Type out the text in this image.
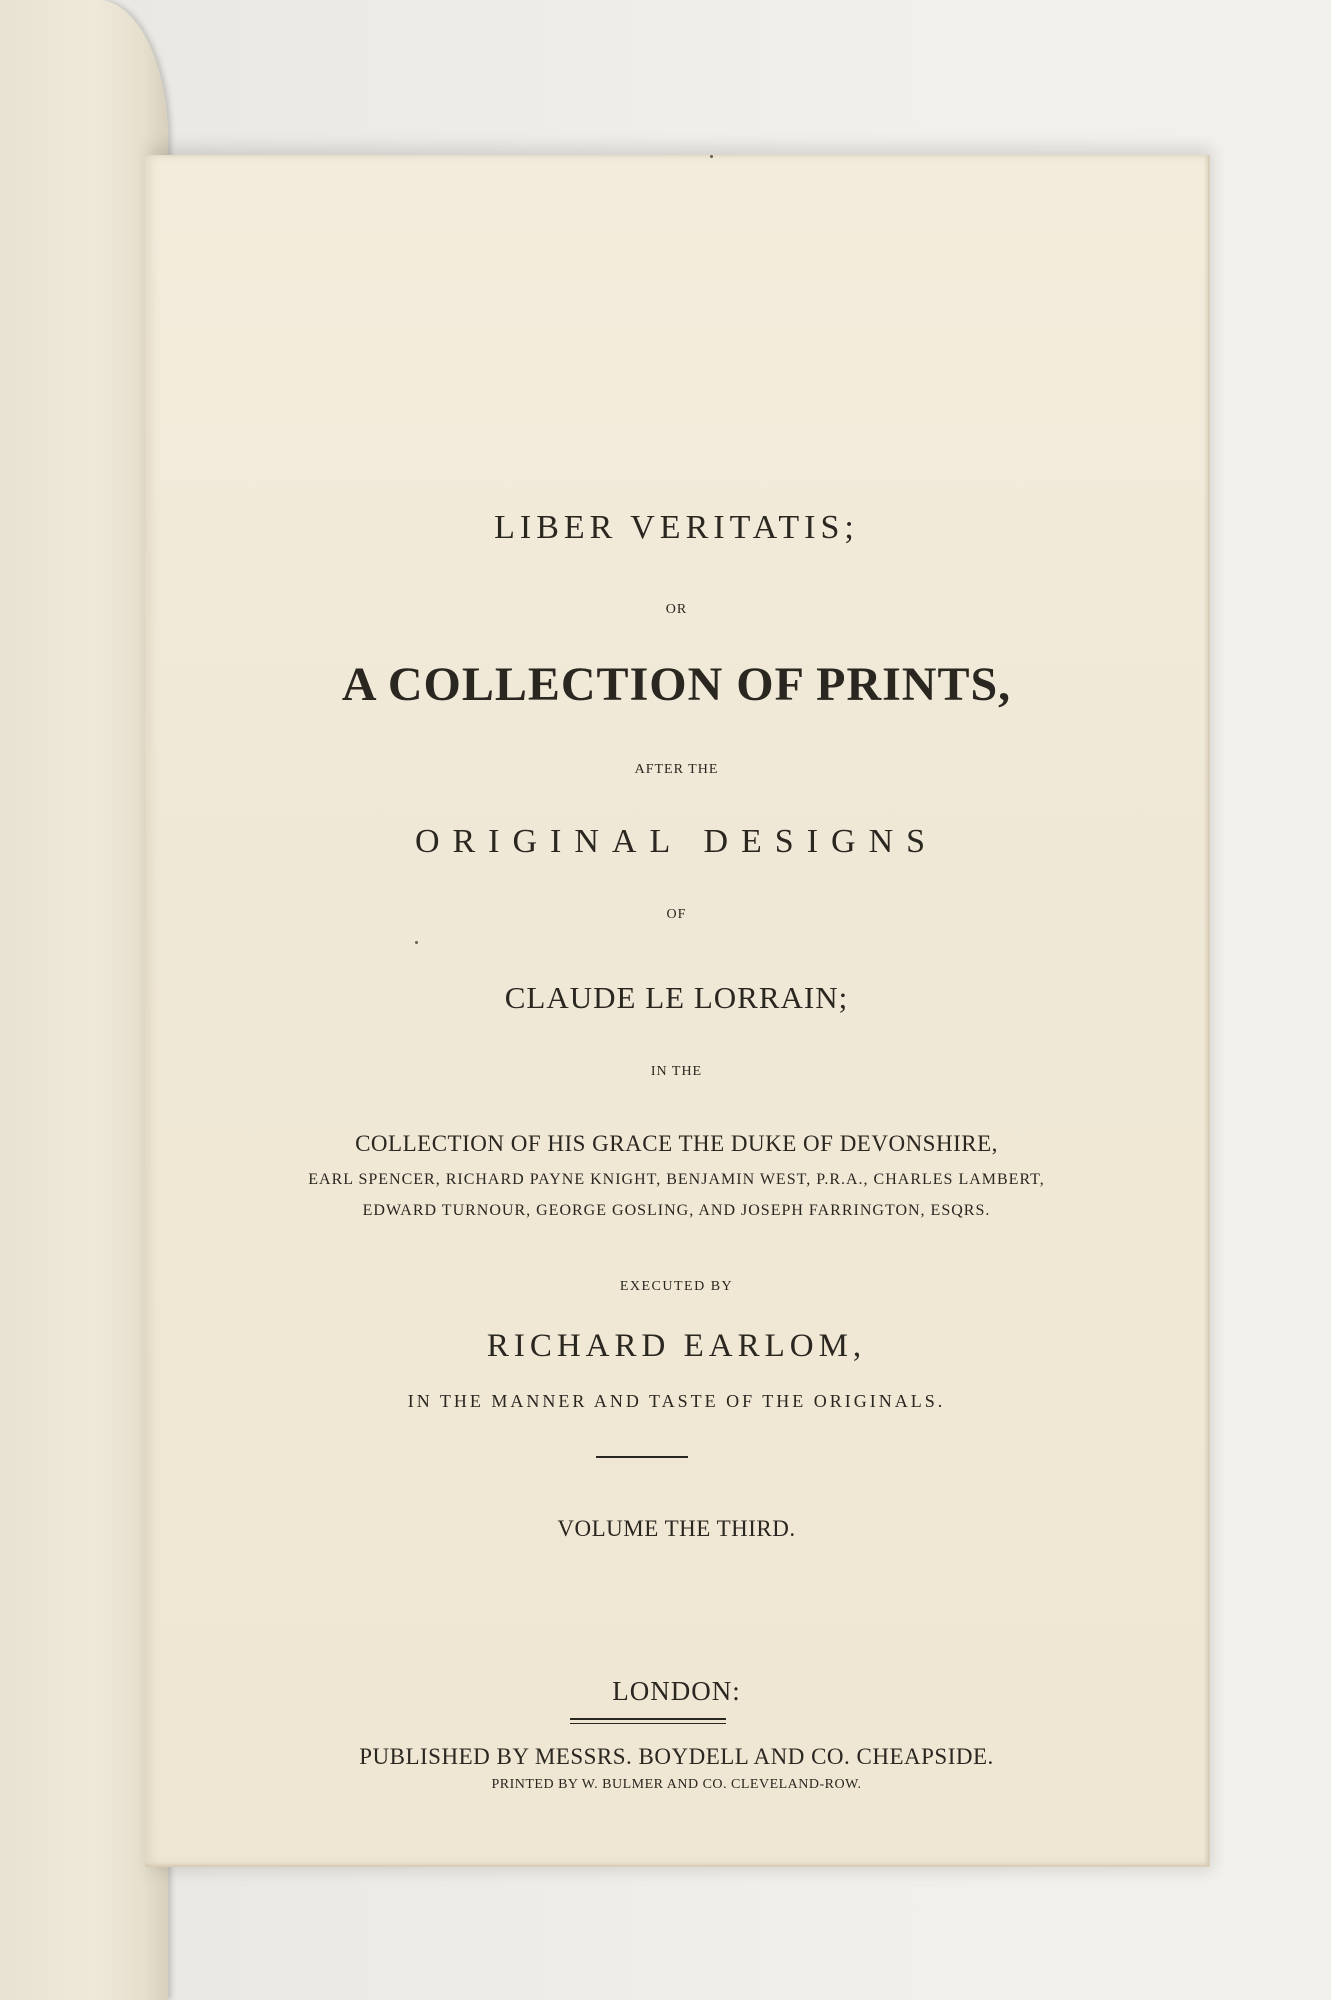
LIBER VERITATIS;

OR

A COLLECTION OF PRINTS,

AFTER THE

ORIGINAL DESIGNS

OF

CLAUDE LE LORRAIN;

IN THE

COLLECTION OF HIS GRACE THE DUKE OF DEVONSHIRE,

EARL SPENCER, RICHARD PAYNE KNIGHT, BENJAMIN WEST, P.R.A., CHARLES LAMBERT,

EDWARD TURNOUR, GEORGE GOSLING, AND JOSEPH FARRINGTON, ESQRS.

EXECUTED BY

RICHARD EARLOM,

IN THE MANNER AND TASTE OF THE ORIGINALS.

VOLUME THE THIRD.

LONDON:

PUBLISHED BY MESSRS. BOYDELL AND CO. CHEAPSIDE.

PRINTED BY W. BULMER AND CO. CLEVELAND-ROW.
